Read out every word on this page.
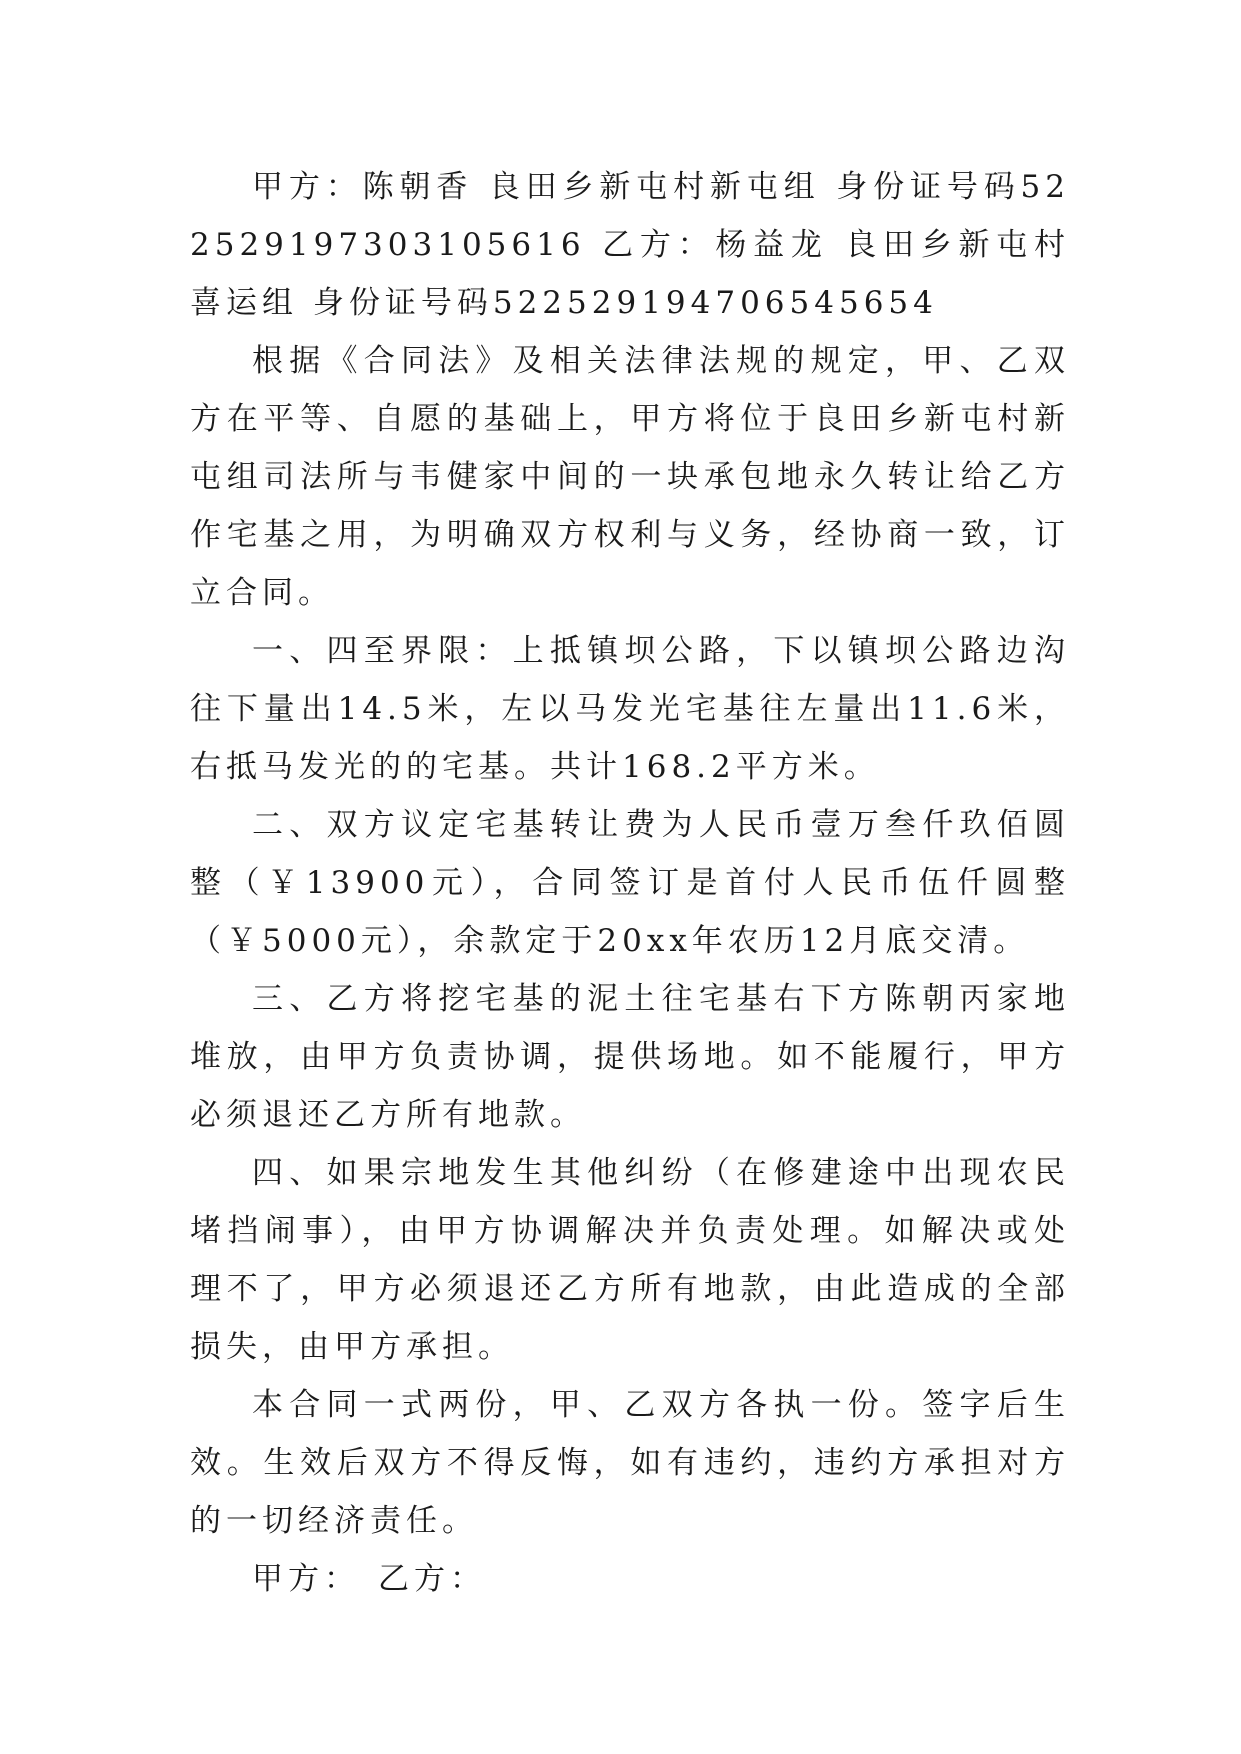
甲方：陈朝香 良田乡新屯村新屯组 身份证号码522529197303105616 乙方：杨益龙 良田乡新屯村喜运组 身份证号码522529194706545654

根据《合同法》及相关法律法规的规定，甲、乙双方在平等、自愿的基础上，甲方将位于良田乡新屯村新屯组司法所与韦健家中间的一块承包地永久转让给乙方作宅基之用，为明确双方权利与义务，经协商一致，订立合同。

一、四至界限：上抵镇坝公路，下以镇坝公路边沟往下量出14.5米，左以马发光宅基往左量出11.6米，右抵马发光的的宅基。共计168.2平方米。

二、双方议定宅基转让费为人民币壹万叁仟玖佰圆整（￥13900元），合同签订是首付人民币伍仟圆整（￥5000元），余款定于20xx年农历12月底交清。

三、乙方将挖宅基的泥土往宅基右下方陈朝丙家地堆放，由甲方负责协调，提供场地。如不能履行，甲方必须退还乙方所有地款。

四、如果宗地发生其他纠纷（在修建途中出现农民堵挡闹事），由甲方协调解决并负责处理。如解决或处理不了，甲方必须退还乙方所有地款，由此造成的全部损失，由甲方承担。

本合同一式两份，甲、乙双方各执一份。签字后生效。生效后双方不得反悔，如有违约，违约方承担对方的一切经济责任。

甲方： 乙方：
